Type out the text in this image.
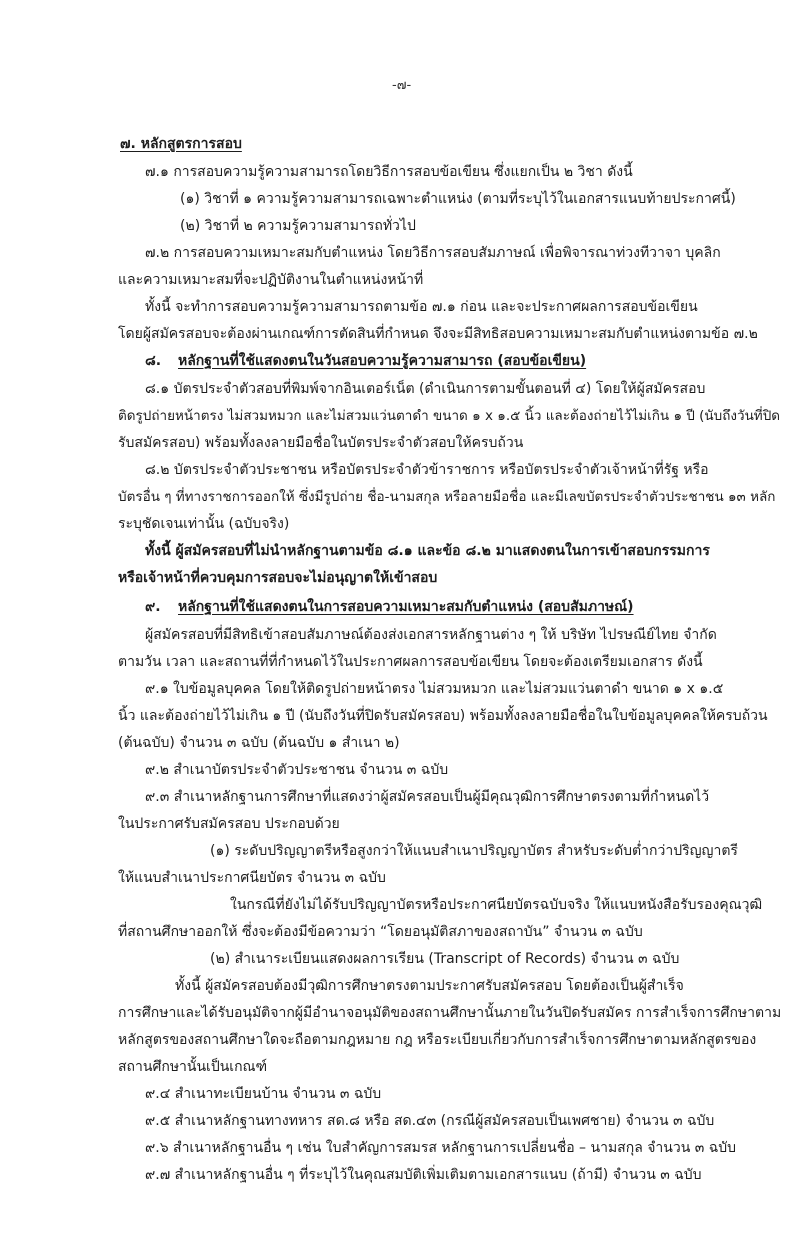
-๗-
๗. หลักสูตรการสอบ
๗.๑ การสอบความรู้ความสามารถโดยวิธีการสอบข้อเขียน ซึ่งแยกเป็น ๒ วิชา ดังนี้
(๑) วิชาที่ ๑ ความรู้ความสามารถเฉพาะตำแหน่ง (ตามที่ระบุไว้ในเอกสารแนบท้ายประกาศนี้)
(๒) วิชาที่ ๒ ความรู้ความสามารถทั่วไป
๗.๒ การสอบความเหมาะสมกับตำแหน่ง โดยวิธีการสอบสัมภาษณ์ เพื่อพิจารณาท่วงทีวาจา บุคลิก
และความเหมาะสมที่จะปฏิบัติงานในตำแหน่งหน้าที่
ทั้งนี้ จะทำการสอบความรู้ความสามารถตามข้อ ๗.๑ ก่อน และจะประกาศผลการสอบข้อเขียน
โดยผู้สมัครสอบจะต้องผ่านเกณฑ์การตัดสินที่กำหนด จึงจะมีสิทธิสอบความเหมาะสมกับตำแหน่งตามข้อ ๗.๒
๘. หลักฐานที่ใช้แสดงตนในวันสอบความรู้ความสามารถ (สอบข้อเขียน)
๘.๑ บัตรประจำตัวสอบที่พิมพ์จากอินเตอร์เน็ต (ดำเนินการตามขั้นตอนที่ ๔) โดยให้ผู้สมัครสอบ
ติดรูปถ่ายหน้าตรง ไม่สวมหมวก และไม่สวมแว่นตาดำ ขนาด ๑ x ๑.๕ นิ้ว และต้องถ่ายไว้ไม่เกิน ๑ ปี (นับถึงวันที่ปิด
รับสมัครสอบ) พร้อมทั้งลงลายมือชื่อในบัตรประจำตัวสอบให้ครบถ้วน
๘.๒ บัตรประจำตัวประชาชน หรือบัตรประจำตัวข้าราชการ หรือบัตรประจำตัวเจ้าหน้าที่รัฐ หรือ
บัตรอื่น ๆ ที่ทางราชการออกให้ ซึ่งมีรูปถ่าย ชื่อ-นามสกุล หรือลายมือชื่อ และมีเลขบัตรประจำตัวประชาชน ๑๓ หลัก
ระบุชัดเจนเท่านั้น (ฉบับจริง)
ทั้งนี้ ผู้สมัครสอบที่ไม่นำหลักฐานตามข้อ ๘.๑ และข้อ ๘.๒ มาแสดงตนในการเข้าสอบกรรมการ
หรือเจ้าหน้าที่ควบคุมการสอบจะไม่อนุญาตให้เข้าสอบ
๙. หลักฐานที่ใช้แสดงตนในการสอบความเหมาะสมกับตำแหน่ง (สอบสัมภาษณ์)
ผู้สมัครสอบที่มีสิทธิเข้าสอบสัมภาษณ์ต้องส่งเอกสารหลักฐานต่าง ๆ ให้ บริษัท ไปรษณีย์ไทย จำกัด
ตามวัน เวลา และสถานที่ที่กำหนดไว้ในประกาศผลการสอบข้อเขียน โดยจะต้องเตรียมเอกสาร ดังนี้
๙.๑ ใบข้อมูลบุคคล โดยให้ติดรูปถ่ายหน้าตรง ไม่สวมหมวก และไม่สวมแว่นตาดำ ขนาด ๑ x ๑.๕
นิ้ว และต้องถ่ายไว้ไม่เกิน ๑ ปี (นับถึงวันที่ปิดรับสมัครสอบ) พร้อมทั้งลงลายมือชื่อในใบข้อมูลบุคคลให้ครบถ้วน
(ต้นฉบับ) จำนวน ๓ ฉบับ (ต้นฉบับ ๑ สำเนา ๒)
๙.๒ สำเนาบัตรประจำตัวประชาชน จำนวน ๓ ฉบับ
๙.๓ สำเนาหลักฐานการศึกษาที่แสดงว่าผู้สมัครสอบเป็นผู้มีคุณวุฒิการศึกษาตรงตามที่กำหนดไว้
ในประกาศรับสมัครสอบ ประกอบด้วย
(๑) ระดับปริญญาตรีหรือสูงกว่าให้แนบสำเนาปริญญาบัตร สำหรับระดับต่ำกว่าปริญญาตรี
ให้แนบสำเนาประกาศนียบัตร จำนวน ๓ ฉบับ
ในกรณีที่ยังไม่ได้รับปริญญาบัตรหรือประกาศนียบัตรฉบับจริง ให้แนบหนังสือรับรองคุณวุฒิ
ที่สถานศึกษาออกให้ ซึ่งจะต้องมีข้อความว่า “โดยอนุมัติสภาของสถาบัน” จำนวน ๓ ฉบับ
(๒) สำเนาระเบียนแสดงผลการเรียน (Transcript of Records) จำนวน ๓ ฉบับ
ทั้งนี้ ผู้สมัครสอบต้องมีวุฒิการศึกษาตรงตามประกาศรับสมัครสอบ โดยต้องเป็นผู้สำเร็จ
การศึกษาและได้รับอนุมัติจากผู้มีอำนาจอนุมัติของสถานศึกษานั้นภายในวันปิดรับสมัคร การสำเร็จการศึกษาตาม
หลักสูตรของสถานศึกษาใดจะถือตามกฎหมาย กฎ หรือระเบียบเกี่ยวกับการสำเร็จการศึกษาตามหลักสูตรของ
สถานศึกษานั้นเป็นเกณฑ์
๙.๔ สำเนาทะเบียนบ้าน จำนวน ๓ ฉบับ
๙.๕ สำเนาหลักฐานทางทหาร สด.๘ หรือ สด.๔๓ (กรณีผู้สมัครสอบเป็นเพศชาย) จำนวน ๓ ฉบับ
๙.๖ สำเนาหลักฐานอื่น ๆ เช่น ใบสำคัญการสมรส หลักฐานการเปลี่ยนชื่อ – นามสกุล จำนวน ๓ ฉบับ
๙.๗ สำเนาหลักฐานอื่น ๆ ที่ระบุไว้ในคุณสมบัติเพิ่มเติมตามเอกสารแนบ (ถ้ามี) จำนวน ๓ ฉบับ
